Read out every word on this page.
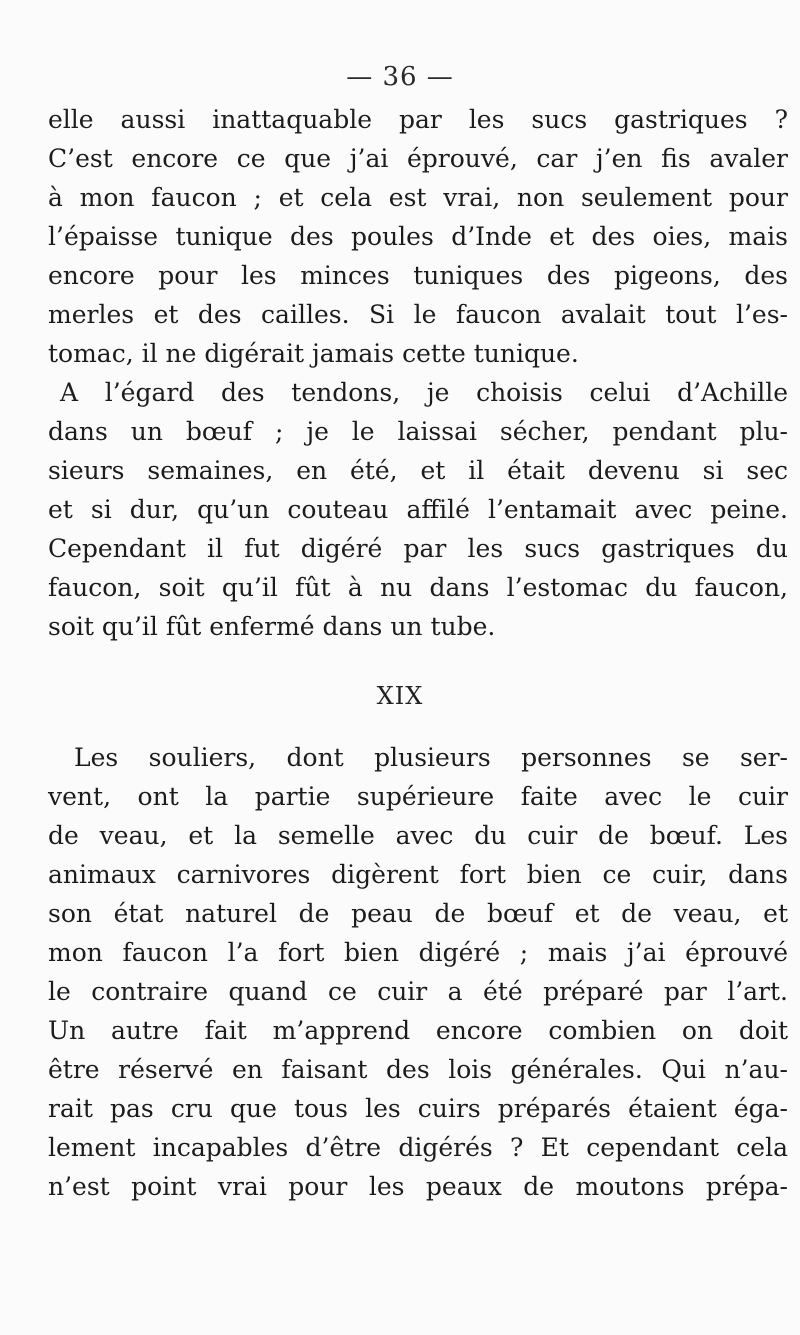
— 36 —
elle aussi inattaquable par les sucs gastriques ?
C’est encore ce que j’ai éprouvé, car j’en fis avaler
à mon faucon ; et cela est vrai, non seulement pour
l’épaisse tunique des poules d’Inde et des oies, mais
encore pour les minces tuniques des pigeons, des
merles et des cailles. Si le faucon avalait tout l’es-
tomac, il ne digérait jamais cette tunique.
A l’égard des tendons, je choisis celui d’Achille
dans un bœuf ; je le laissai sécher, pendant plu-
sieurs semaines, en été, et il était devenu si sec
et si dur, qu’un couteau affilé l’entamait avec peine.
Cependant il fut digéré par les sucs gastriques du
faucon, soit qu’il fût à nu dans l’estomac du faucon,
soit qu’il fût enfermé dans un tube.
XIX
Les souliers, dont plusieurs personnes se ser-
vent, ont la partie supérieure faite avec le cuir
de veau, et la semelle avec du cuir de bœuf. Les
animaux carnivores digèrent fort bien ce cuir, dans
son état naturel de peau de bœuf et de veau, et
mon faucon l’a fort bien digéré ; mais j’ai éprouvé
le contraire quand ce cuir a été préparé par l’art.
Un autre fait m’apprend encore combien on doit
être réservé en faisant des lois générales. Qui n’au-
rait pas cru que tous les cuirs préparés étaient éga-
lement incapables d’être digérés ? Et cependant cela
n’est point vrai pour les peaux de moutons prépa-
